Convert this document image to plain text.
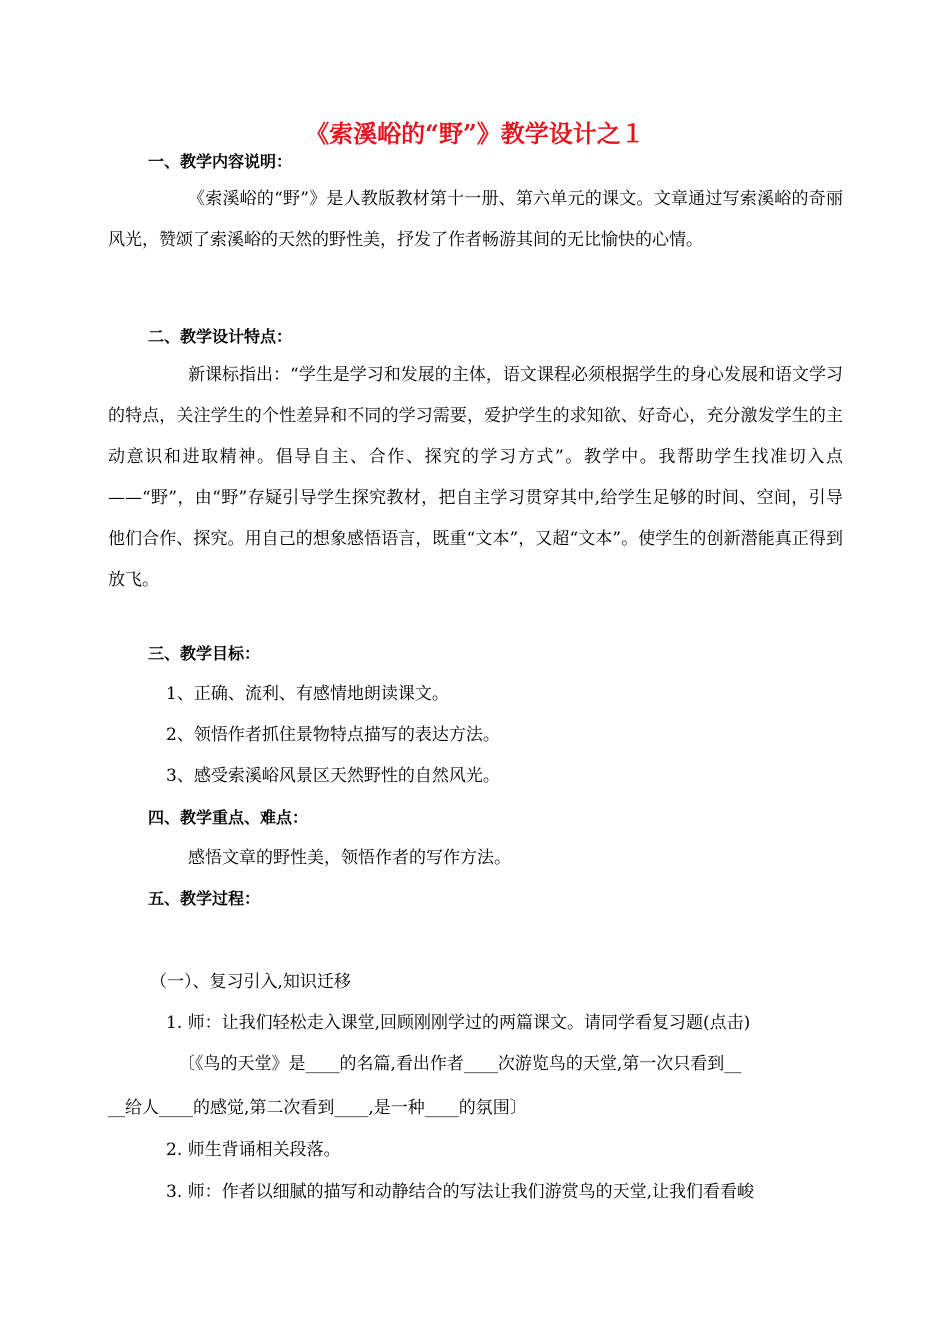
《索溪峪的“野”》教学设计之１
一、教学内容说明：
《索溪峪的“野”》是人教版教材第十一册、第六单元的课文。文章通过写索溪峪的奇丽风光，赞颂了索溪峪的天然的野性美，抒发了作者畅游其间的无比愉快的心情。
二、教学设计特点：
新课标指出：“学生是学习和发展的主体，语文课程必须根据学生的身心发展和语文学习的特点，关注学生的个性差异和不同的学习需要，爱护学生的求知欲、好奇心，充分激发学生的主动意识和进取精神。倡导自主、合作、探究的学习方式”。教学中。我帮助学生找准切入点——“野”，由“野”存疑引导学生探究教材，把自主学习贯穿其中,给学生足够的时间、空间，引导他们合作、探究。用自己的想象感悟语言，既重“文本”，又超“文本”。使学生的创新潜能真正得到放飞。
三、教学目标：
1、正确、流利、有感情地朗读课文。
2、领悟作者抓住景物特点描写的表达方法。
3、感受索溪峪风景区天然野性的自然风光。
四、教学重点、难点：
感悟文章的野性美，领悟作者的写作方法。
五、教学过程：
（一）、复习引入,知识迁移
1. 师：让我们轻松走入课堂,回顾刚刚学过的两篇课文。请同学看复习题(点击)
〔《鸟的天堂》是____的名篇,看出作者____次游览鸟的天堂,第一次只看到__
__给人____的感觉,第二次看到____,是一种____的氛围〕
2. 师生背诵相关段落。
3. 师：作者以细腻的描写和动静结合的写法让我们游赏鸟的天堂,让我们看看峻
